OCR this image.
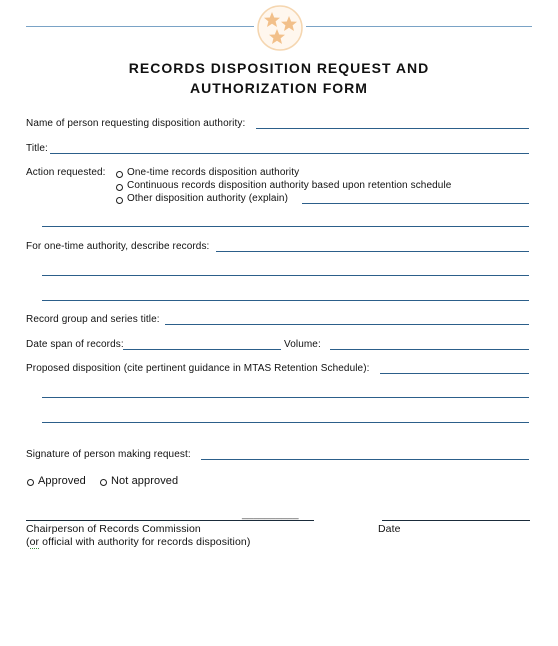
RECORDS DISPOSITION REQUEST AND
AUTHORIZATION FORM
Name of person requesting disposition authority:
Title:
Action requested: One-time records disposition authority
Continuous records disposition authority based upon retention schedule
Other disposition authority (explain)
For one-time authority, describe records:
Record group and series title:
Date span of records:	Volume:
Proposed disposition (cite pertinent guidance in MTAS Retention Schedule):
Signature of person making request:
Approved Not approved
__________
Chairperson of Records Commission	Date
(or official with authority for records disposition)
